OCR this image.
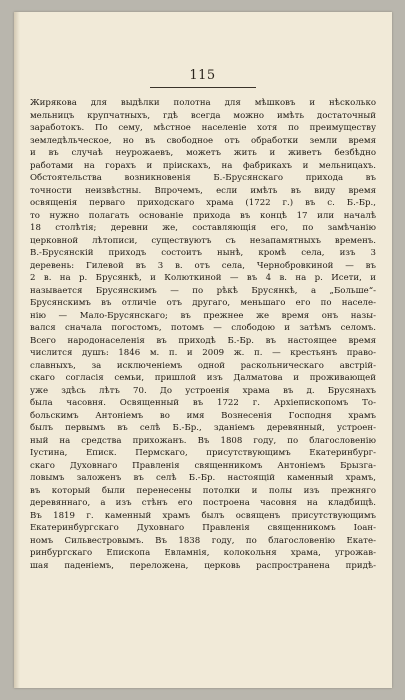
115
Жирякова для выдѣлки полотна для мѣшковъ и нѣсколько
мельницъ крупчатныхъ, гдѣ всегда можно имѣть достаточный
заработокъ. По сему, мѣстное населеніе хотя по преимуществу
земледѣльческое, но въ свободное отъ обработки земли время
и въ случаѣ неурожаевъ, можетъ жить и живетъ безбѣдно
работами на горахъ и пріискахъ, на фабрикахъ и мельницахъ.
Обстоятельства возникновенія Б.-Брусянскаго прихода въ
точности неизвѣстны. Впрочемъ, если имѣть въ виду время
освященія перваго приходскаго храма (1722 г.) въ с. Б.-Бр.,
то нужно полагать основаніе прихода въ концѣ 17 или началѣ
18 столѣтія; деревни же, составляющія его, по замѣчанію
церковной лѣтописи, существуютъ съ незапамятныхъ временъ.
В.-Брусянскій приходъ состоитъ нынѣ, кромѣ села, изъ 3
деревень: Гилевой въ 3 в. отъ села, Чернобровкиной — въ
2 в. на р. Брусянкѣ, и Колюткиной — въ 4 в. на р. Исети, и
называется Брусянскимъ — по рѣкѣ Брусянкѣ, а „Больше“-
Брусянскимъ въ отличіе отъ другаго, меньшаго его по населе-
нію — Мало-Брусянскаго; въ прежнее же время онъ назы-
вался сначала погостомъ, потомъ — слободою и затѣмъ селомъ.
Всего народонаселенія въ приходѣ Б.-Бр. въ настоящее время
числится душъ: 1846 м. п. и 2009 ж. п. — крестьянъ право-
славныхъ, за исключеніемъ одной раскольническаго австрій-
скаго согласія семьи, пришлой изъ Далматова и проживающей
уже здѣсь лѣтъ 70. До устроенія храма въ д. Брусянахъ
была часовня. Освященный въ 1722 г. Архіепископомъ То-
больскимъ Антоніемъ во имя Вознесенія Господня храмъ
былъ первымъ въ селѣ Б.-Бр., зданіемъ деревянный, устроен-
ный на средства прихожанъ. Въ 1808 году, по благословенію
Іустина, Еписк. Пермскаго, присутствующимъ Екатеринбург-
скаго Духовнаго Правленія священникомъ Антоніемъ Брызга-
ловымъ заложенъ въ селѣ Б.-Бр. настоящій каменный храмъ,
въ который были перенесены потолки и полы изъ прежняго
деревяннаго, а изъ стѣнъ его построена часовня на кладбищѣ.
Въ 1819 г. каменный храмъ былъ освященъ присутствующимъ
Екатеринбургскаго Духовнаго Правленія священникомъ Іоан-
номъ Сильвестровымъ. Въ 1838 году, по благословенію Екате-
ринбургскаго Епископа Евламнія, колокольня храма, угрожав-
шая паденіемъ, переложена, церковь распространена придѣ-
